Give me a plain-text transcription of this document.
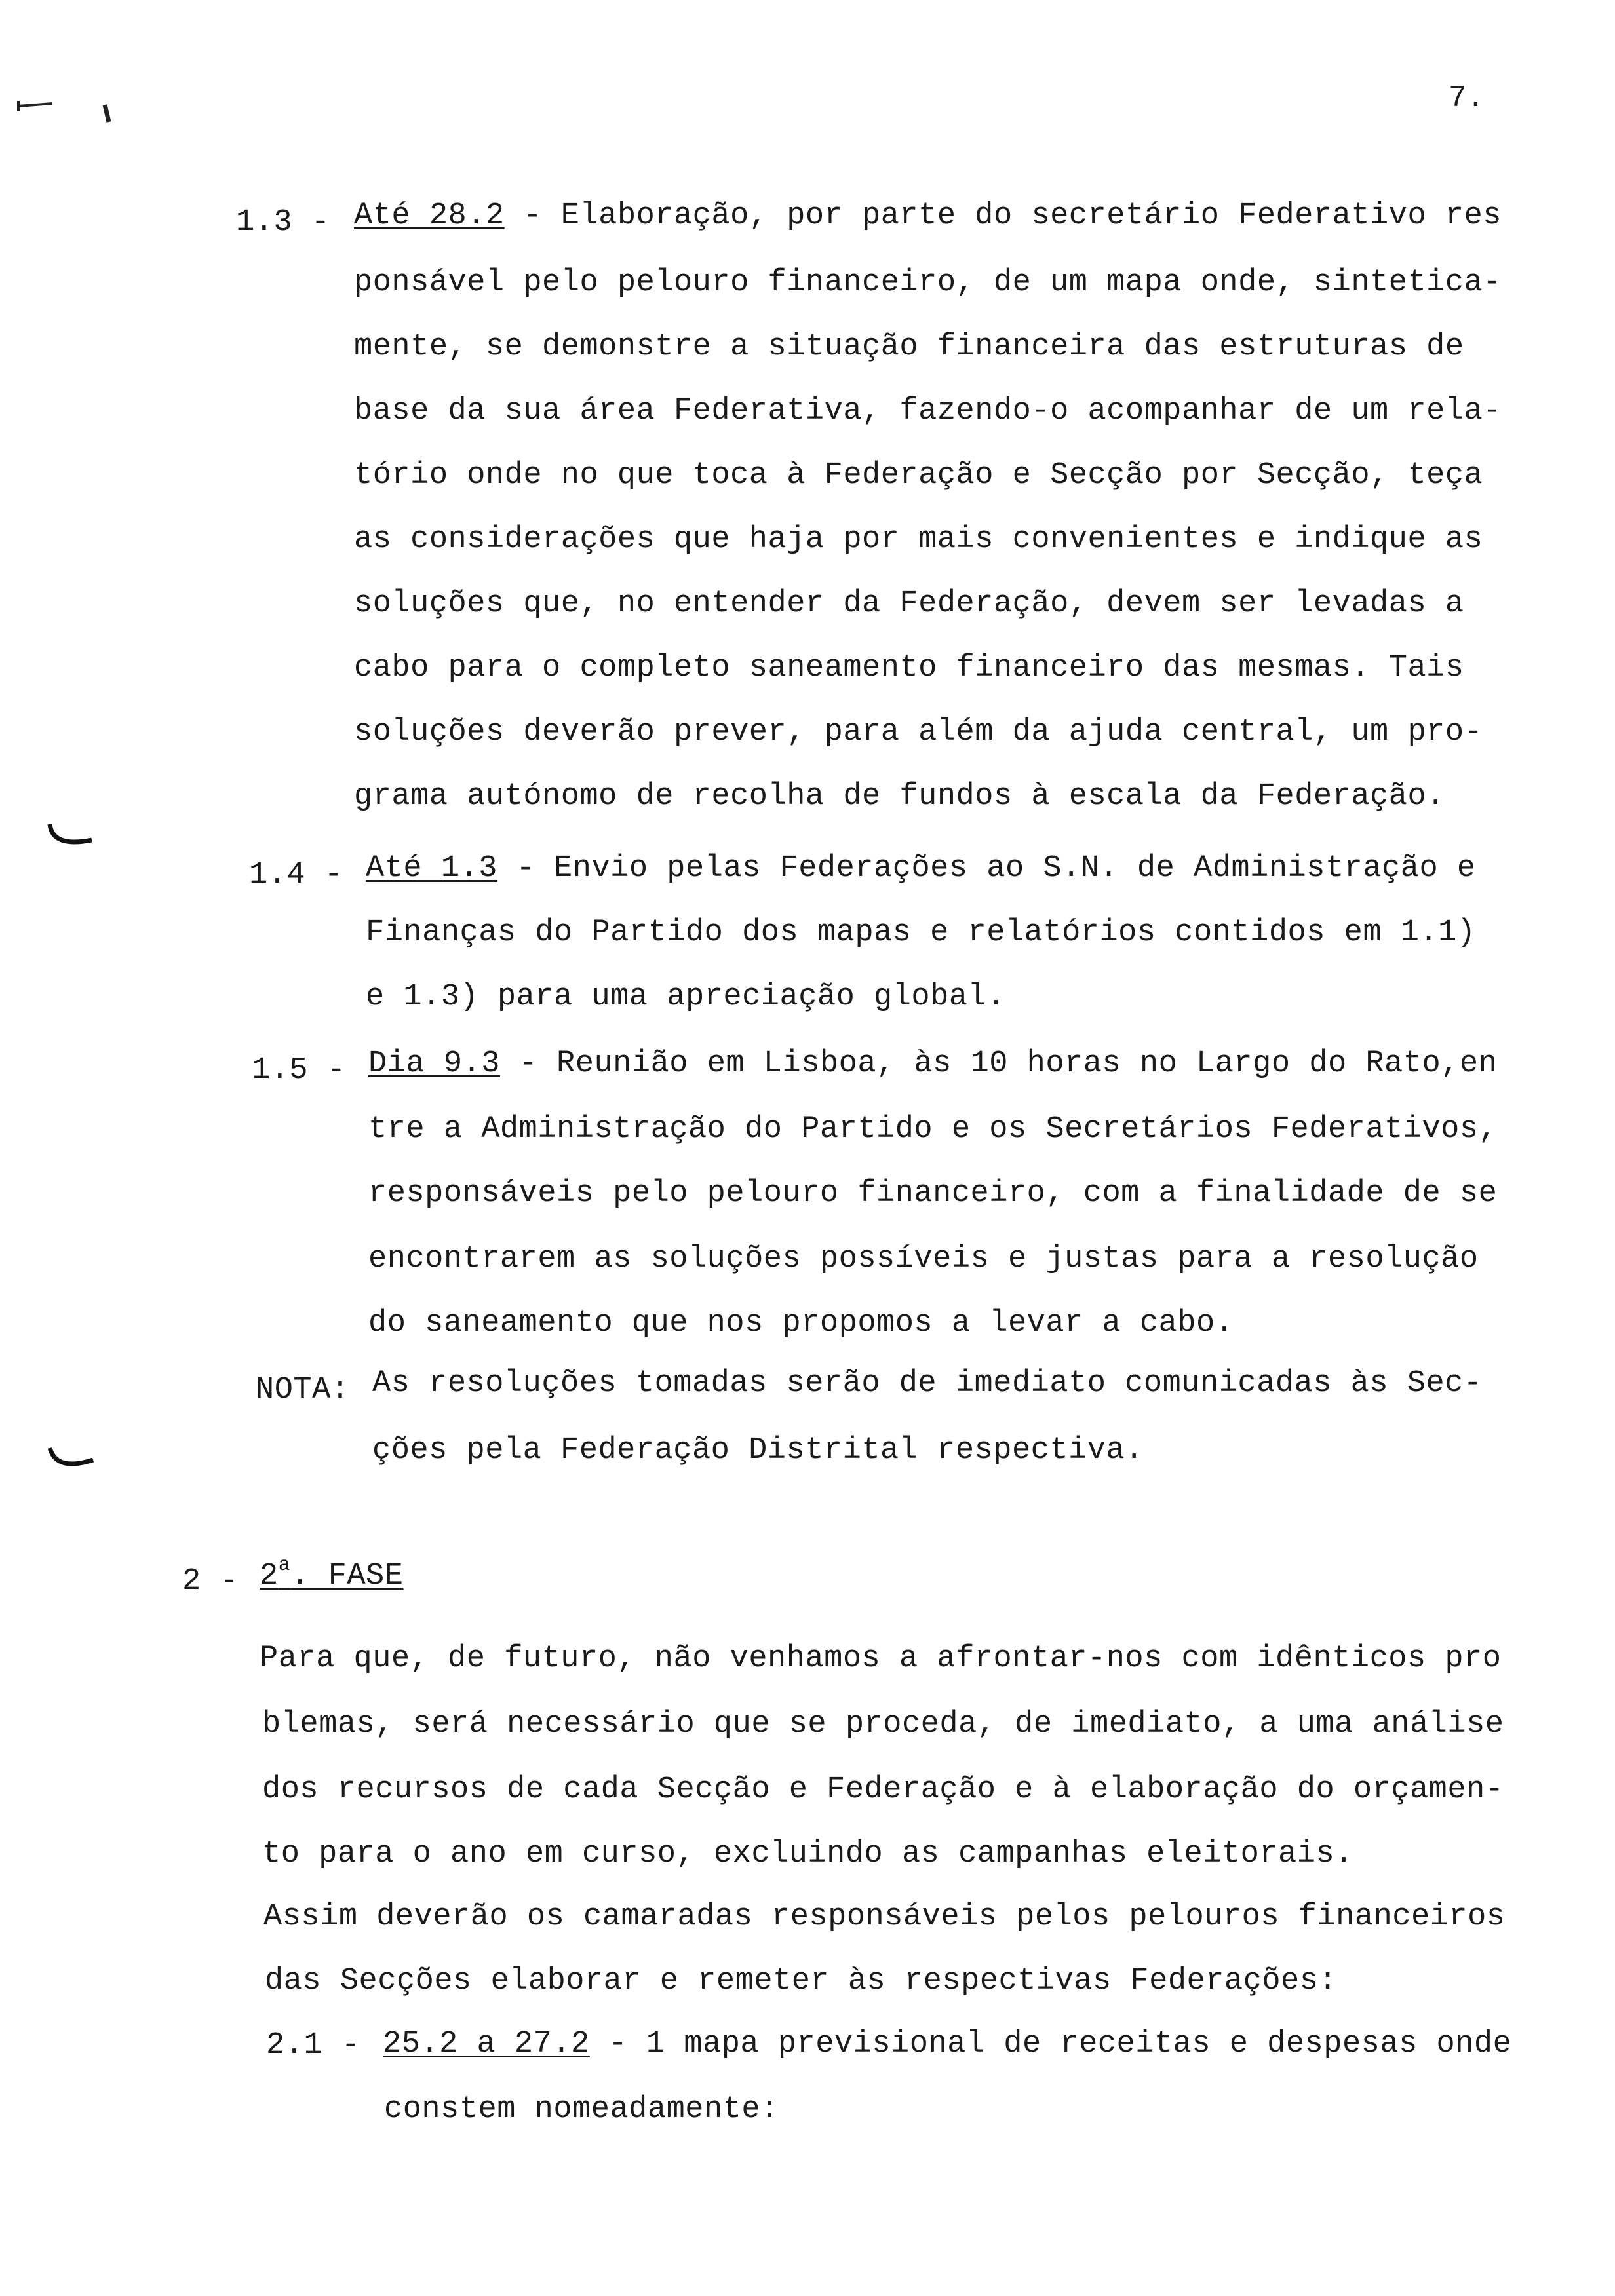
7.
1.3 - Até 28.2 - Elaboração, por parte do secretário Federativo res
ponsável pelo pelouro financeiro, de um mapa onde, sintetica-
mente, se demonstre a situação financeira das estruturas de
base da sua área Federativa, fazendo-o acompanhar de um rela-
tório onde no que toca à Federação e Secção por Secção, teça
as considerações que haja por mais convenientes e indique as
soluções que, no entender da Federação, devem ser levadas a
cabo para o completo saneamento financeiro das mesmas. Tais
soluções deverão prever, para além da ajuda central, um pro-
grama autónomo de recolha de fundos à escala da Federação.
1.4 - Até 1.3 - Envio pelas Federações ao S.N. de Administração e
Finanças do Partido dos mapas e relatórios contidos em 1.1)
e 1.3) para uma apreciação global.
1.5 - Dia 9.3 - Reunião em Lisboa, às 10 horas no Largo do Rato,en
tre a Administração do Partido e os Secretários Federativos,
responsáveis pelo pelouro financeiro, com a finalidade de se
encontrarem as soluções possíveis e justas para a resolução
do saneamento que nos propomos a levar a cabo.
NOTA: As resoluções tomadas serão de imediato comunicadas às Sec-
ções pela Federação Distrital respectiva.
2 - 2$^a$. FASE
Para que, de futuro, não venhamos a afrontar-nos com idênticos pro
blemas, será necessário que se proceda, de imediato, a uma análise
dos recursos de cada Secção e Federação e à elaboração do orçamen-
to para o ano em curso, excluindo as campanhas eleitorais.
Assim deverão os camaradas responsáveis pelos pelouros financeiros
das Secções elaborar e remeter às respectivas Federações:
2.1 - 25.2 a 27.2 - 1 mapa previsional de receitas e despesas onde
constem nomeadamente:
